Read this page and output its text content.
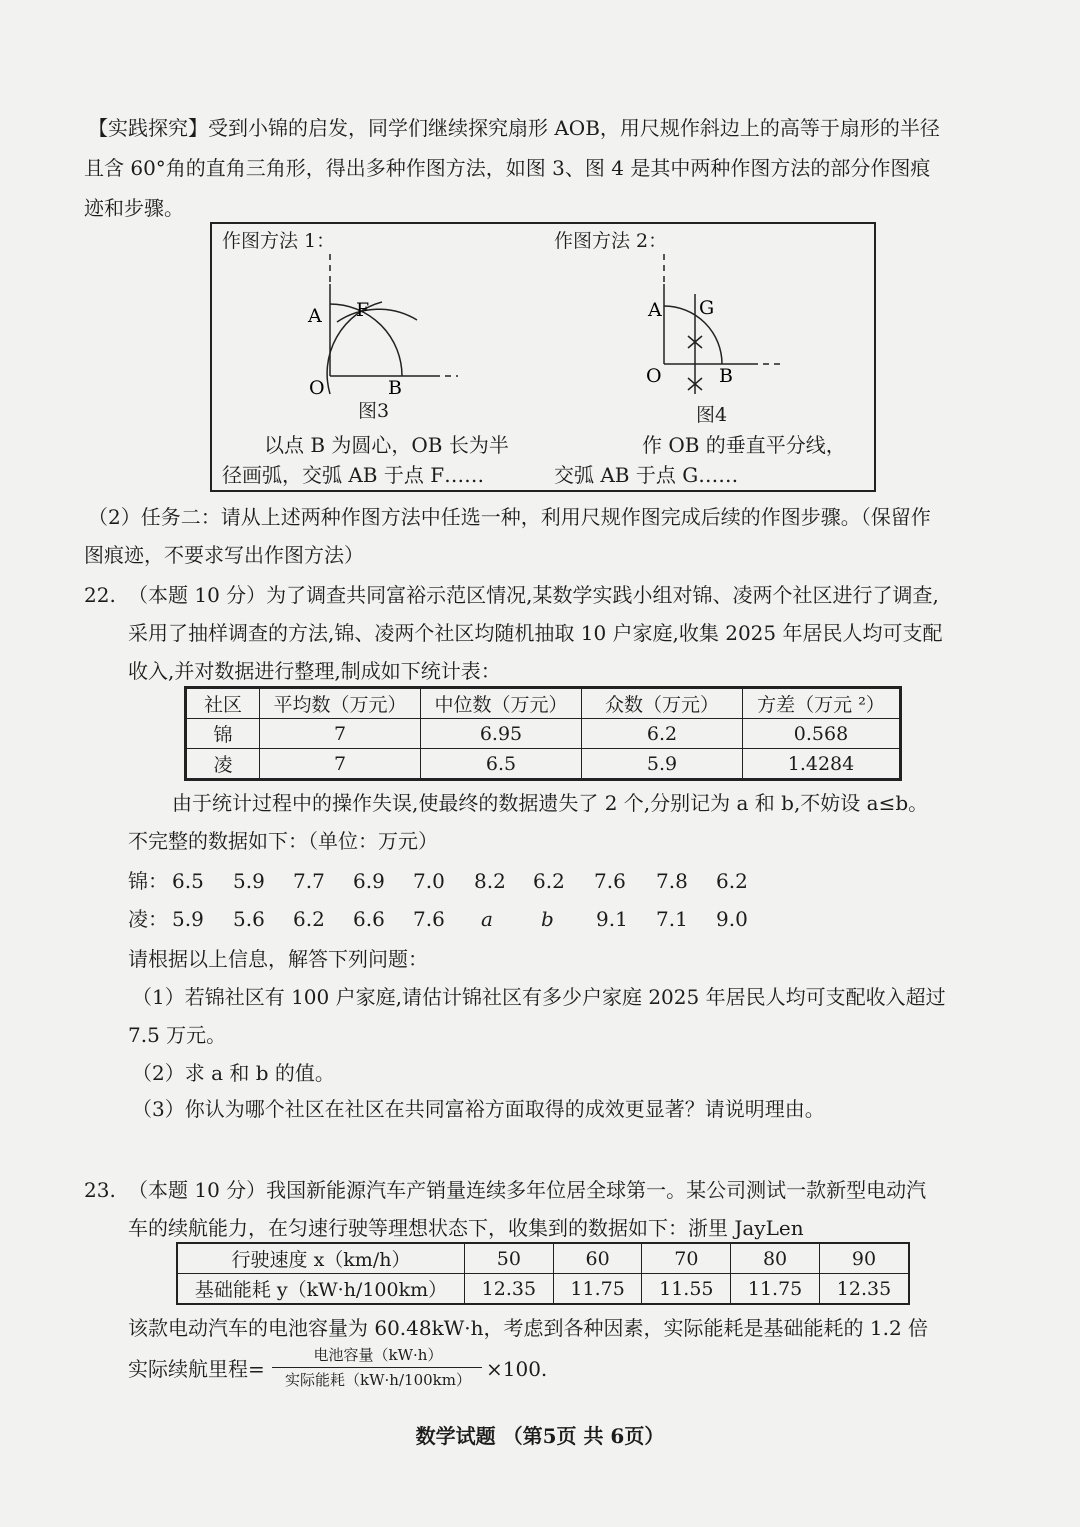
【实践探究】受到小锦的启发，同学们继续探究扇形 AOB，用尺规作斜边上的高等于扇形的半径
且含 60°角的直角三角形，得出多种作图方法，如图 3、图 4 是其中两种作图方法的部分作图痕
迹和步骤。
作图方法 1：	作图方法 2：
A F
O	B
A G
O	B
图3	图4
以点 B 为圆心，OB 长为半
径画弧，交弧 AB 于点 F……
作 OB 的垂直平分线，
交弧 AB 于点 G……
（2）任务二：请从上述两种作图方法中任选一种，利用尺规作图完成后续的作图步骤。（保留作
图痕迹，不要求写出作图方法）
22. （本题 10 分）为了调查共同富裕示范区情况,某数学实践小组对锦、凌两个社区进行了调查,
采用了抽样调查的方法,锦、凌两个社区均随机抽取 10 户家庭,收集 2025 年居民人均可支配
收入,并对数据进行整理,制成如下统计表：
社区	平均数（万元）	中位数（万元）	众数（万元）	方差（万元 ²）
锦	7	6.95	6.2	0.568
凌	7	6.5	5.9	1.4284
由于统计过程中的操作失误,使最终的数据遗失了 2 个,分别记为 a 和 b,不妨设 a≤b。
不完整的数据如下：（单位：万元）
锦： 6.5 5.9 7.7 6.9 7.0 8.2 6.2 7.6 7.8 6.2
凌： 5.9 5.6 6.2 6.6 7.6 a b 9.1 7.1 9.0
请根据以上信息，解答下列问题：
（1）若锦社区有 100 户家庭,请估计锦社区有多少户家庭 2025 年居民人均可支配收入超过
7.5 万元。
（2）求 a 和 b 的值。
（3）你认为哪个社区在社区在共同富裕方面取得的成效更显著？请说明理由。
23. （本题 10 分）我国新能源汽车产销量连续多年位居全球第一。某公司测试一款新型电动汽
车的续航能力，在匀速行驶等理想状态下，收集到的数据如下：浙里 JayLen
行驶速度 x（km/h）	50	60	70	80	90
基础能耗 y（kW·h/100km）	12.35	11.75	11.55	11.75	12.35
该款电动汽车的电池容量为 60.48kW·h，考虑到各种因素，实际能耗是基础能耗的 1.2 倍
实际续航里程=
电池容量（kW·h）
实际能耗（kW·h/100km） ×100.
数学试题 （第5页 共 6页）
